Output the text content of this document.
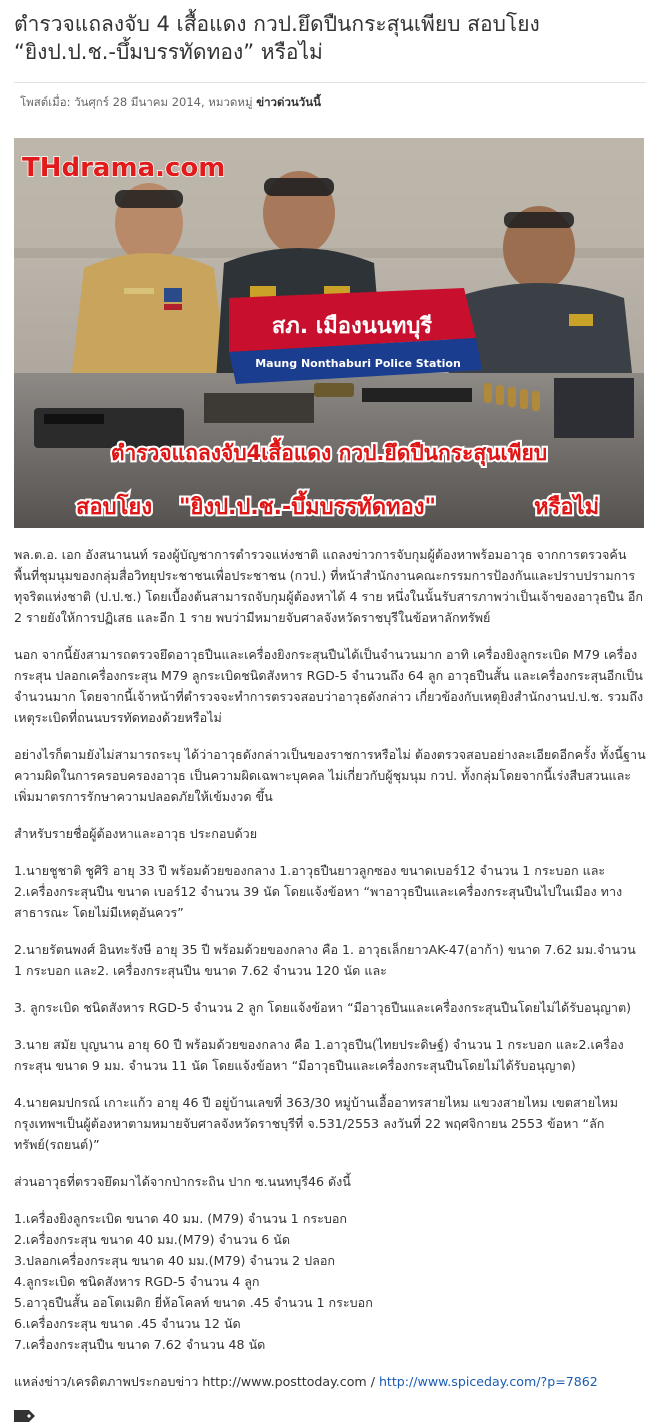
ตำรวจแถลงจับ 4 เสื้อแดง กวป.ยึดปืนกระสุนเพียบ สอบโยง
“ยิงป.ป.ช.-บึ้มบรรทัดทอง” หรือไม่
โพสต์เมื่อ: วันศุกร์ 28 มีนาคม 2014, หมวดหมู่ ข่าวด่วนวันนี้
สภ. เมืองนนทบุรี
Maung Nonthaburi Police Station
THdrama.com
ตำรวจแถลงจับ4เสื้อแดง กวป.ยึดปืนกระสุนเพียบ
สอบโยง "ยิงป.ป.ช.-บึ้มบรรทัดทอง"	หรือไม่

พล.ต.อ. เอก อังสนานนท์ รองผู้บัญชาการตำรวจแห่งชาติ แถลงข่าวการจับกุมผู้ต้องหาพร้อมอาวุธ จากการตรวจค้นพื้นที่ชุมนุมของกลุ่มสื่อวิทยุประชาชนเพื่อประชาชน (กวป.) ที่หน้าสำนักงานคณะกรรมการป้องกันและปราบปรามการทุจริตแห่งชาติ (ป.ป.ช.) โดยเบื้องต้นสามารถจับกุมผู้ต้องหาได้ 4 ราย หนึ่งในนั้นรับสารภาพว่าเป็นเจ้าของอาวุธปืน อีก 2 รายยังให้การปฏิเสธ และอีก 1 ราย พบว่ามีหมายจับศาลจังหวัดราชบุรีในข้อหาลักทรัพย์

นอก จากนี้ยังสามารถตรวจยึดอาวุธปืนและเครื่องยิงกระสุนปืนได้เป็นจำนวนมาก อาทิ เครื่องยิงลูกระเบิด M79 เครื่องกระสุน ปลอกเครื่องกระสุน M79 ลูกระเบิดชนิดสังหาร RGD-5 จำนวนถึง 64 ลูก อาวุธปืนสั้น และเครื่องกระสุนอีกเป็นจำนวนมาก โดยจากนี้เจ้าหน้าที่ตำรวจจะทำการตรวจสอบว่าอาวุธดังกล่าว เกี่ยวข้องกับเหตุยิงสำนักงานป.ป.ช. รวมถึง เหตุระเบิดที่ถนนบรรทัดทองด้วยหรือไม่

อย่างไรก็ตามยังไม่สามารถระบุ ได้ว่าอาวุธดังกล่าวเป็นของราชการหรือไม่ ต้องตรวจสอบอย่างละเอียดอีกครั้ง ทั้งนี้ฐานความผิดในการครอบครองอาวุธ เป็นความผิดเฉพาะบุคคล ไม่เกี่ยวกับผู้ชุมนุม กวป. ทั้งกลุ่มโดยจากนี้เร่งสืบสวนและเพิ่มมาตรการรักษาความปลอดภัยให้เข้มงวด ขึ้น

สำหรับรายชื่อผู้ต้องหาและอาวุธ ประกอบด้วย

1.นายชูชาติ ชูศิริ อายุ 33 ปี พร้อมด้วยของกลาง 1.อาวุธปืนยาวลูกซอง ขนาดเบอร์12 จำนวน 1 กระบอก และ 2.เครื่องกระสุนปืน ขนาด เบอร์12 จำนวน 39 นัด โดยแจ้งข้อหา “พาอาวุธปืนและเครื่องกระสุนปืนไปในเมือง ทางสาธารณะ โดยไม่มีเหตุอันควร”

2.นายรัตนพงศ์ อินทะรังษี อายุ 35 ปี พร้อมด้วยของกลาง คือ 1. อาวุธเล็กยาวAK-47(อาก้า) ขนาด 7.62 มม.จำนวน 1 กระบอก และ2. เครื่องกระสุนปืน ขนาด 7.62 จำนวน 120 นัด และ

3. ลูกระเบิด ชนิดสังหาร RGD-5 จำนวน 2 ลูก โดยแจ้งข้อหา “มีอาวุธปืนและเครื่องกระสุนปืนโดยไม่ได้รับอนุญาต)

3.นาย สมัย บุญนาน อายุ 60 ปี พร้อมด้วยของกลาง คือ 1.อาวุธปืน(ไทยประดิษฐ์) จำนวน 1 กระบอก และ2.เครื่องกระสุน ขนาด 9 มม. จำนวน 11 นัด โดยแจ้งข้อหา “มีอาวุธปืนและเครื่องกระสุนปืนโดยไม่ได้รับอนุญาต)

4.นายคมปกรณ์ เกาะแก้ว อายุ 46 ปี อยู่บ้านเลขที่ 363/30 หมู่บ้านเอื้ออาทรสายไหม แขวงสายไหม เขตสายไหม กรุงเทพฯเป็นผู้ต้องหาตามหมายจับศาลจังหวัดราชบุรีที่ จ.531/2553 ลงวันที่ 22 พฤศจิกายน 2553 ข้อหา “ลักทรัพย์(รถยนต์)”

ส่วนอาวุธที่ตรวจยึดมาได้จากป่ากระถิน ปาก ซ.นนทบุรี46 ดังนี้

1.เครื่องยิงลูกระเบิด ขนาด 40 มม. (M79) จำนวน 1 กระบอก
2.เครื่องกระสุน ขนาด 40 มม.(M79) จำนวน 6 นัด
3.ปลอกเครื่องกระสุน ขนาด 40 มม.(M79) จำนวน 2 ปลอก
4.ลูกระเบิด ชนิดสังหาร RGD-5 จำนวน 4 ลูก
5.อาวุธปืนสั้น ออโตเมติก ยี่ห้อโคลท์ ขนาด .45 จำนวน 1 กระบอก
6.เครื่องกระสุน ขนาด .45 จำนวน 12 นัด
7.เครื่องกระสุนปืน ขนาด 7.62 จำนวน 48 นัด

แหล่งข่าว/เครดิตภาพประกอบข่าว http://www.posttoday.com / http://www.spiceday.com/?p=7862
